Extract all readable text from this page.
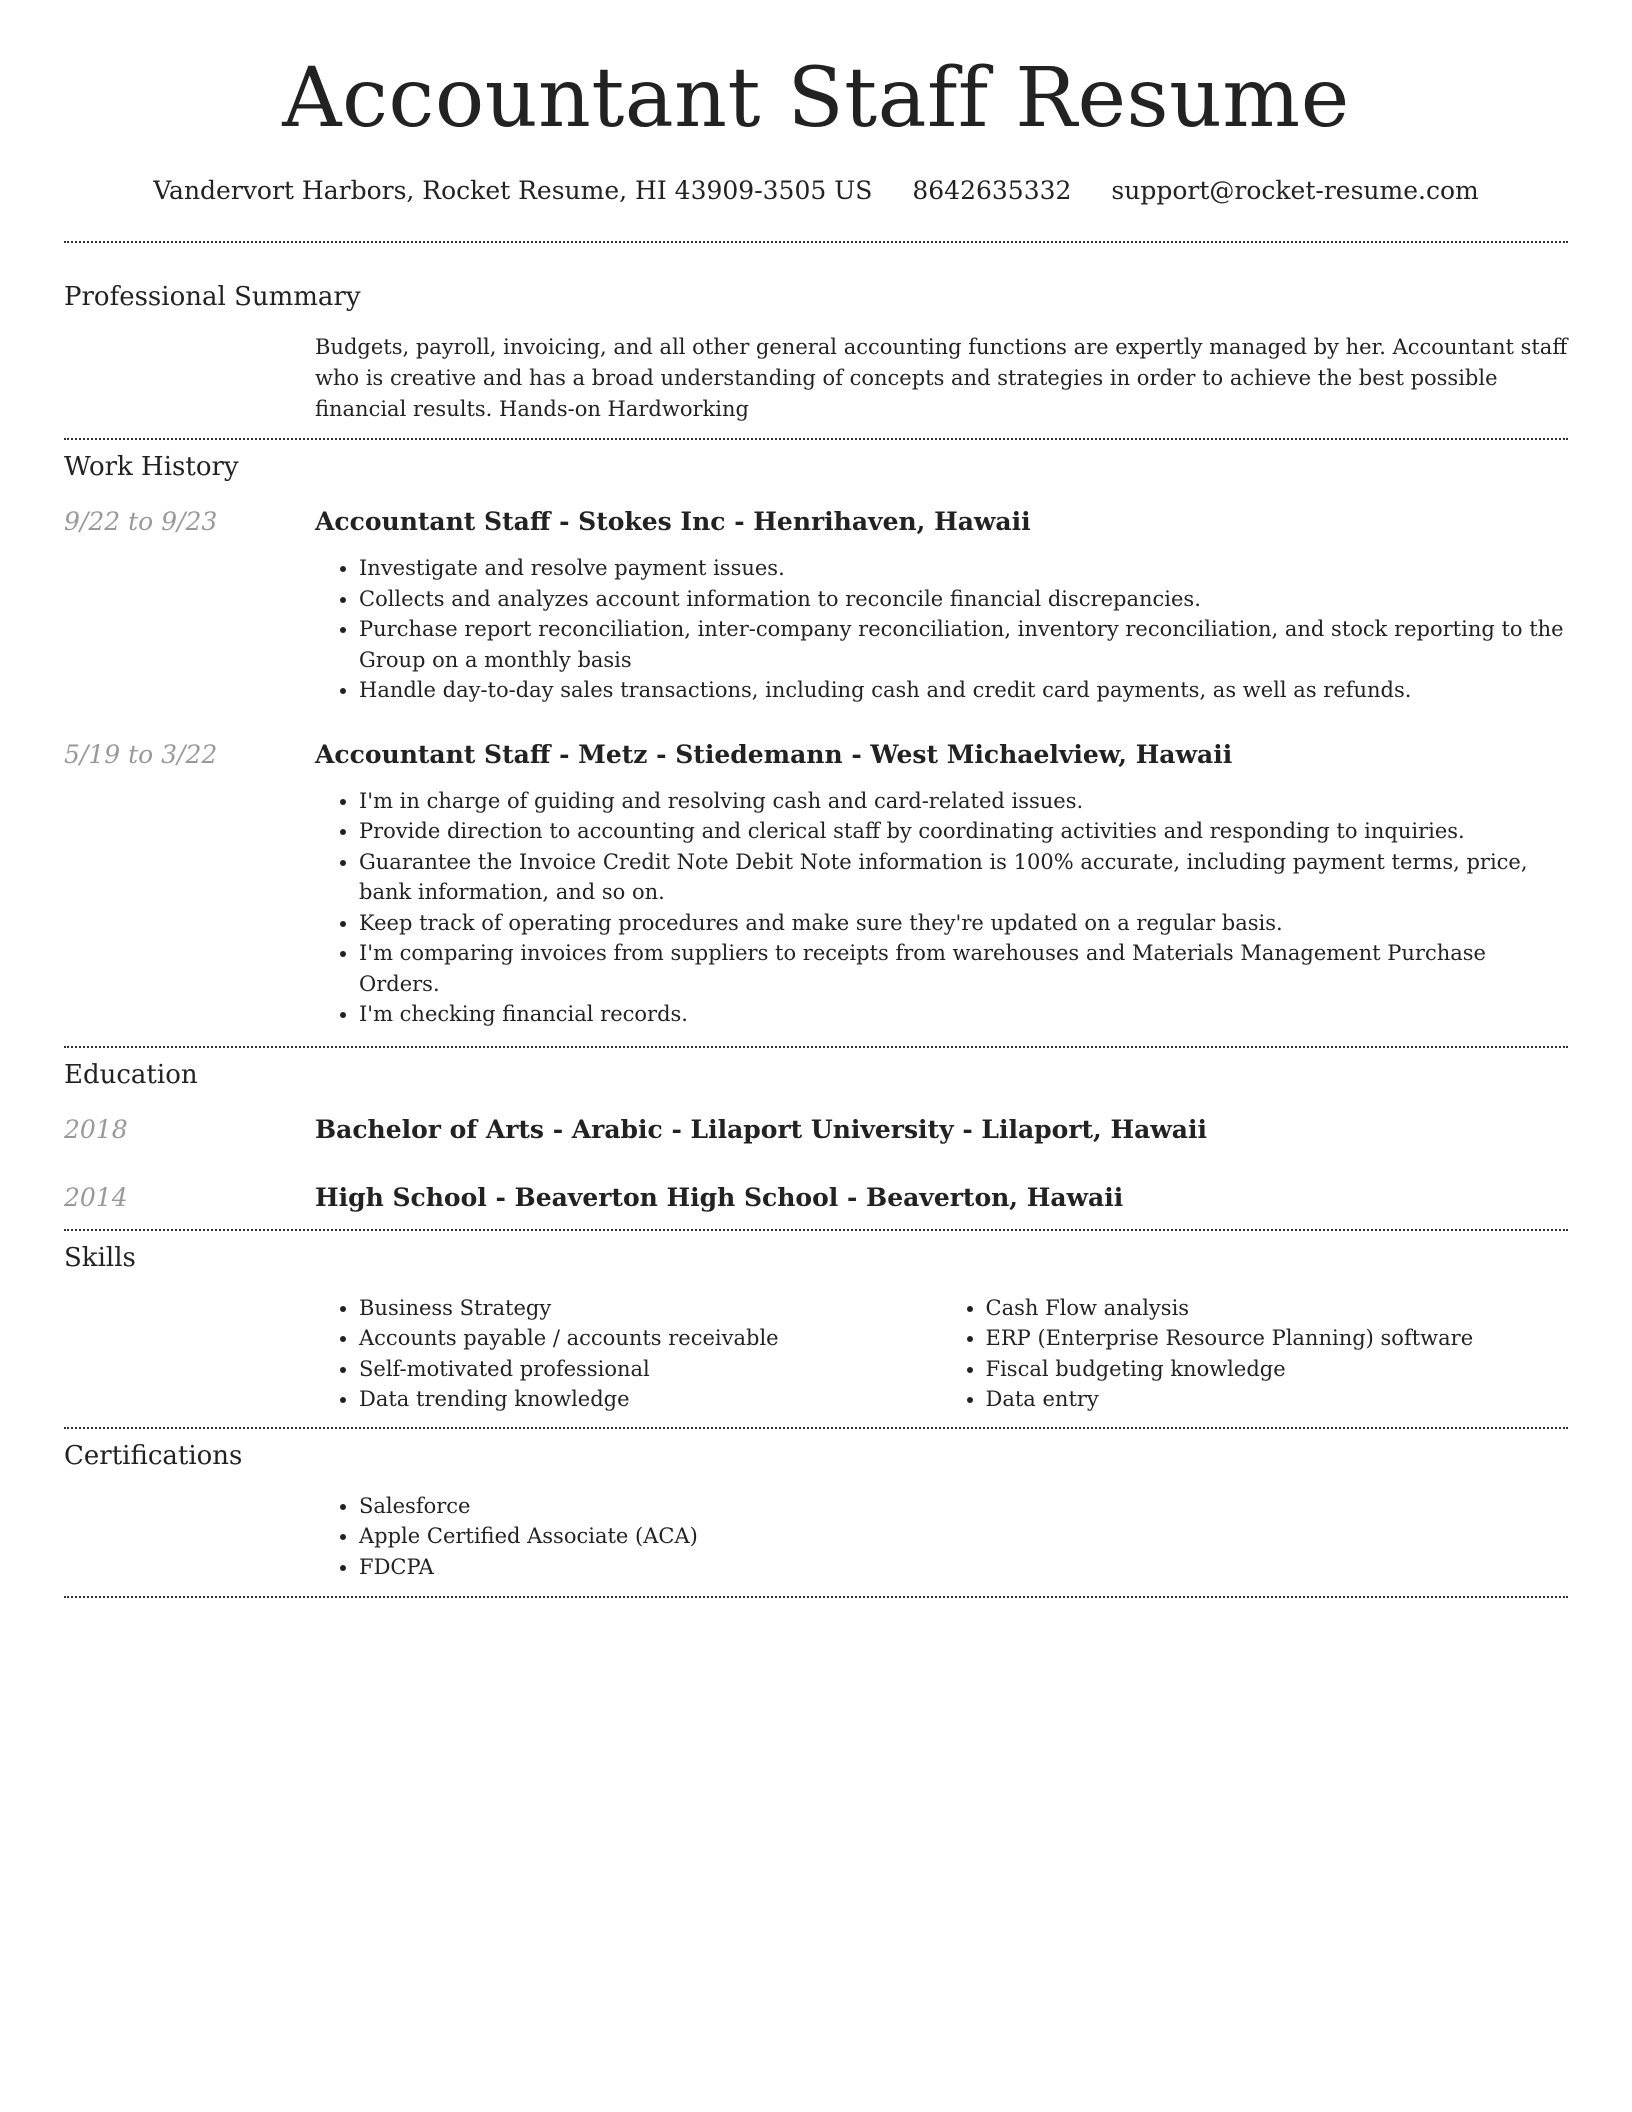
Accountant Staff Resume
Vandervort Harbors, Rocket Resume, HI 43909-3505 US 8642635332 support@rocket-resume.com
Professional Summary

Budgets, payroll, invoicing, and all other general accounting functions are expertly managed by her. Accountant staff who is creative and has a broad understanding of concepts and strategies in order to achieve the best possible financial results. Hands-on Hardworking

Work History
9/22 to 9/23	Accountant Staff - Stokes Inc - Henrihaven, Hawaii
• Investigate and resolve payment issues.
• Collects and analyzes account information to reconcile financial discrepancies.
• Purchase report reconciliation, inter-company reconciliation, inventory reconciliation, and stock reporting to the Group on a monthly basis
• Handle day-to-day sales transactions, including cash and credit card payments, as well as refunds.
5/19 to 3/22	Accountant Staff - Metz - Stiedemann - West Michaelview, Hawaii
• I'm in charge of guiding and resolving cash and card-related issues.
• Provide direction to accounting and clerical staff by coordinating activities and responding to inquiries.
• Guarantee the Invoice Credit Note Debit Note information is 100% accurate, including payment terms, price, bank information, and so on.
• Keep track of operating procedures and make sure they're updated on a regular basis.
• I'm comparing invoices from suppliers to receipts from warehouses and Materials Management Purchase Orders.
• I'm checking financial records.
Education
2018	Bachelor of Arts - Arabic - Lilaport University - Lilaport, Hawaii
2014	High School - Beaverton High School - Beaverton, Hawaii
Skills
• Business Strategy
• Accounts payable / accounts receivable
• Self-motivated professional
• Data trending knowledge
• Cash Flow analysis
• ERP (Enterprise Resource Planning) software
• Fiscal budgeting knowledge
• Data entry
Certifications
• Salesforce
• Apple Certified Associate (ACA)
• FDCPA
